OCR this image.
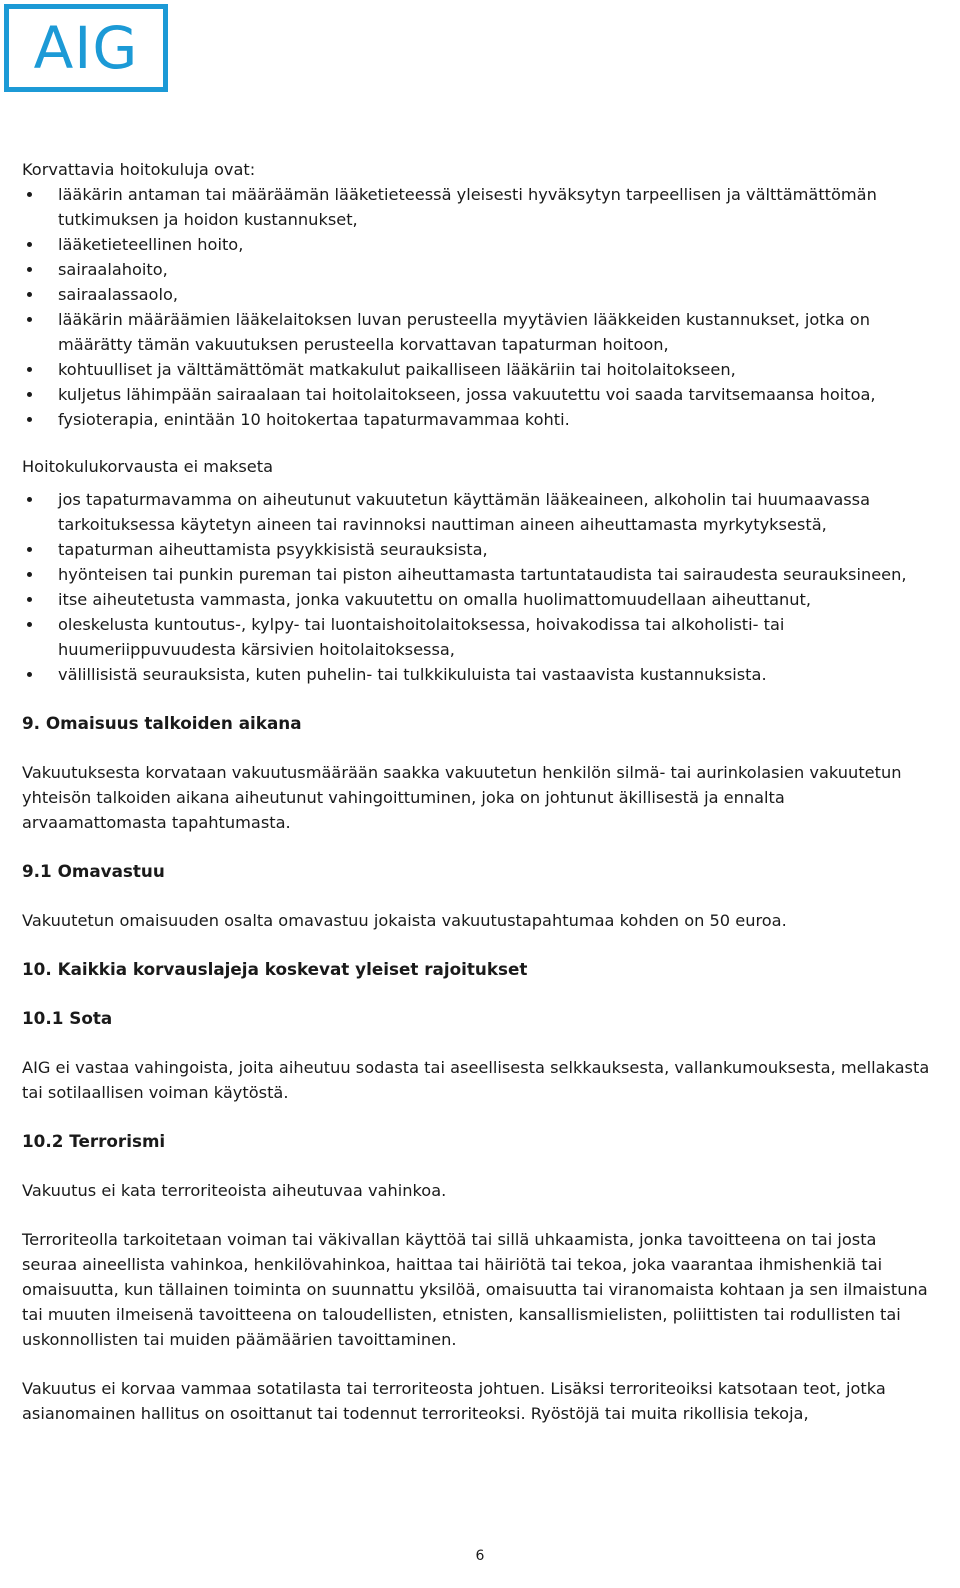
AIG

Korvattavia hoitokuluja ovat:

lääkärin antaman tai määräämän lääketieteessä yleisesti hyväksytyn tarpeellisen ja välttämättömän tutkimuksen ja hoidon kustannukset,
lääketieteellinen hoito,
sairaalahoito,
sairaalassaolo,
lääkärin määräämien lääkelaitoksen luvan perusteella myytävien lääkkeiden kustannukset, jotka on määrätty tämän vakuutuksen perusteella korvattavan tapaturman hoitoon,
kohtuulliset ja välttämättömät matkakulut paikalliseen lääkäriin tai hoitolaitokseen,
kuljetus lähimpään sairaalaan tai hoitolaitokseen, jossa vakuutettu voi saada tarvitsemaansa hoitoa,
fysioterapia, enintään 10 hoitokertaa tapaturmavammaa kohti.

Hoitokulukorvausta ei makseta

jos tapaturmavamma on aiheutunut vakuutetun käyttämän lääkeaineen, alkoholin tai huumaavassa tarkoituksessa käytetyn aineen tai ravinnoksi nauttiman aineen aiheuttamasta myrkytyksestä,
tapaturman aiheuttamista psyykkisistä seurauksista,
hyönteisen tai punkin pureman tai piston aiheuttamasta tartuntataudista tai sairaudesta seurauksineen,
itse aiheutetusta vammasta, jonka vakuutettu on omalla huolimattomuudellaan aiheuttanut,
oleskelusta kuntoutus-, kylpy- tai luontaishoitolaitoksessa, hoivakodissa tai alkoholisti- tai huumeriippuvuudesta kärsivien hoitolaitoksessa,
välillisistä seurauksista, kuten puhelin- tai tulkkikuluista tai vastaavista kustannuksista.
9. Omaisuus talkoiden aikana

Vakuutuksesta korvataan vakuutusmäärään saakka vakuutetun henkilön silmä- tai aurinkolasien vakuutetun yhteisön talkoiden aikana aiheutunut vahingoittuminen, joka on johtunut äkillisestä ja ennalta arvaamattomasta tapahtumasta.

9.1 Omavastuu

Vakuutetun omaisuuden osalta omavastuu jokaista vakuutustapahtumaa kohden on 50 euroa.

10. Kaikkia korvauslajeja koskevat yleiset rajoitukset
10.1 Sota

AIG ei vastaa vahingoista, joita aiheutuu sodasta tai aseellisesta selkkauksesta, vallankumouksesta, mellakasta tai sotilaallisen voiman käytöstä.

10.2 Terrorismi

Vakuutus ei kata terroriteoista aiheutuvaa vahinkoa.

Terroriteolla tarkoitetaan voiman tai väkivallan käyttöä tai sillä uhkaamista, jonka tavoitteena on tai josta seuraa aineellista vahinkoa, henkilövahinkoa, haittaa tai häiriötä tai tekoa, joka vaarantaa ihmishenkiä tai omaisuutta, kun tällainen toiminta on suunnattu yksilöä, omaisuutta tai viranomaista kohtaan ja sen ilmaistuna tai muuten ilmeisenä tavoitteena on taloudellisten, etnisten, kansallismielisten, poliittisten tai rodullisten tai uskonnollisten tai muiden päämäärien tavoittaminen.

Vakuutus ei korvaa vammaa sotatilasta tai terroriteosta johtuen. Lisäksi terroriteoiksi katsotaan teot, jotka asianomainen hallitus on osoittanut tai todennut terroriteoksi. Ryöstöjä tai muita rikollisia tekoja,

6
